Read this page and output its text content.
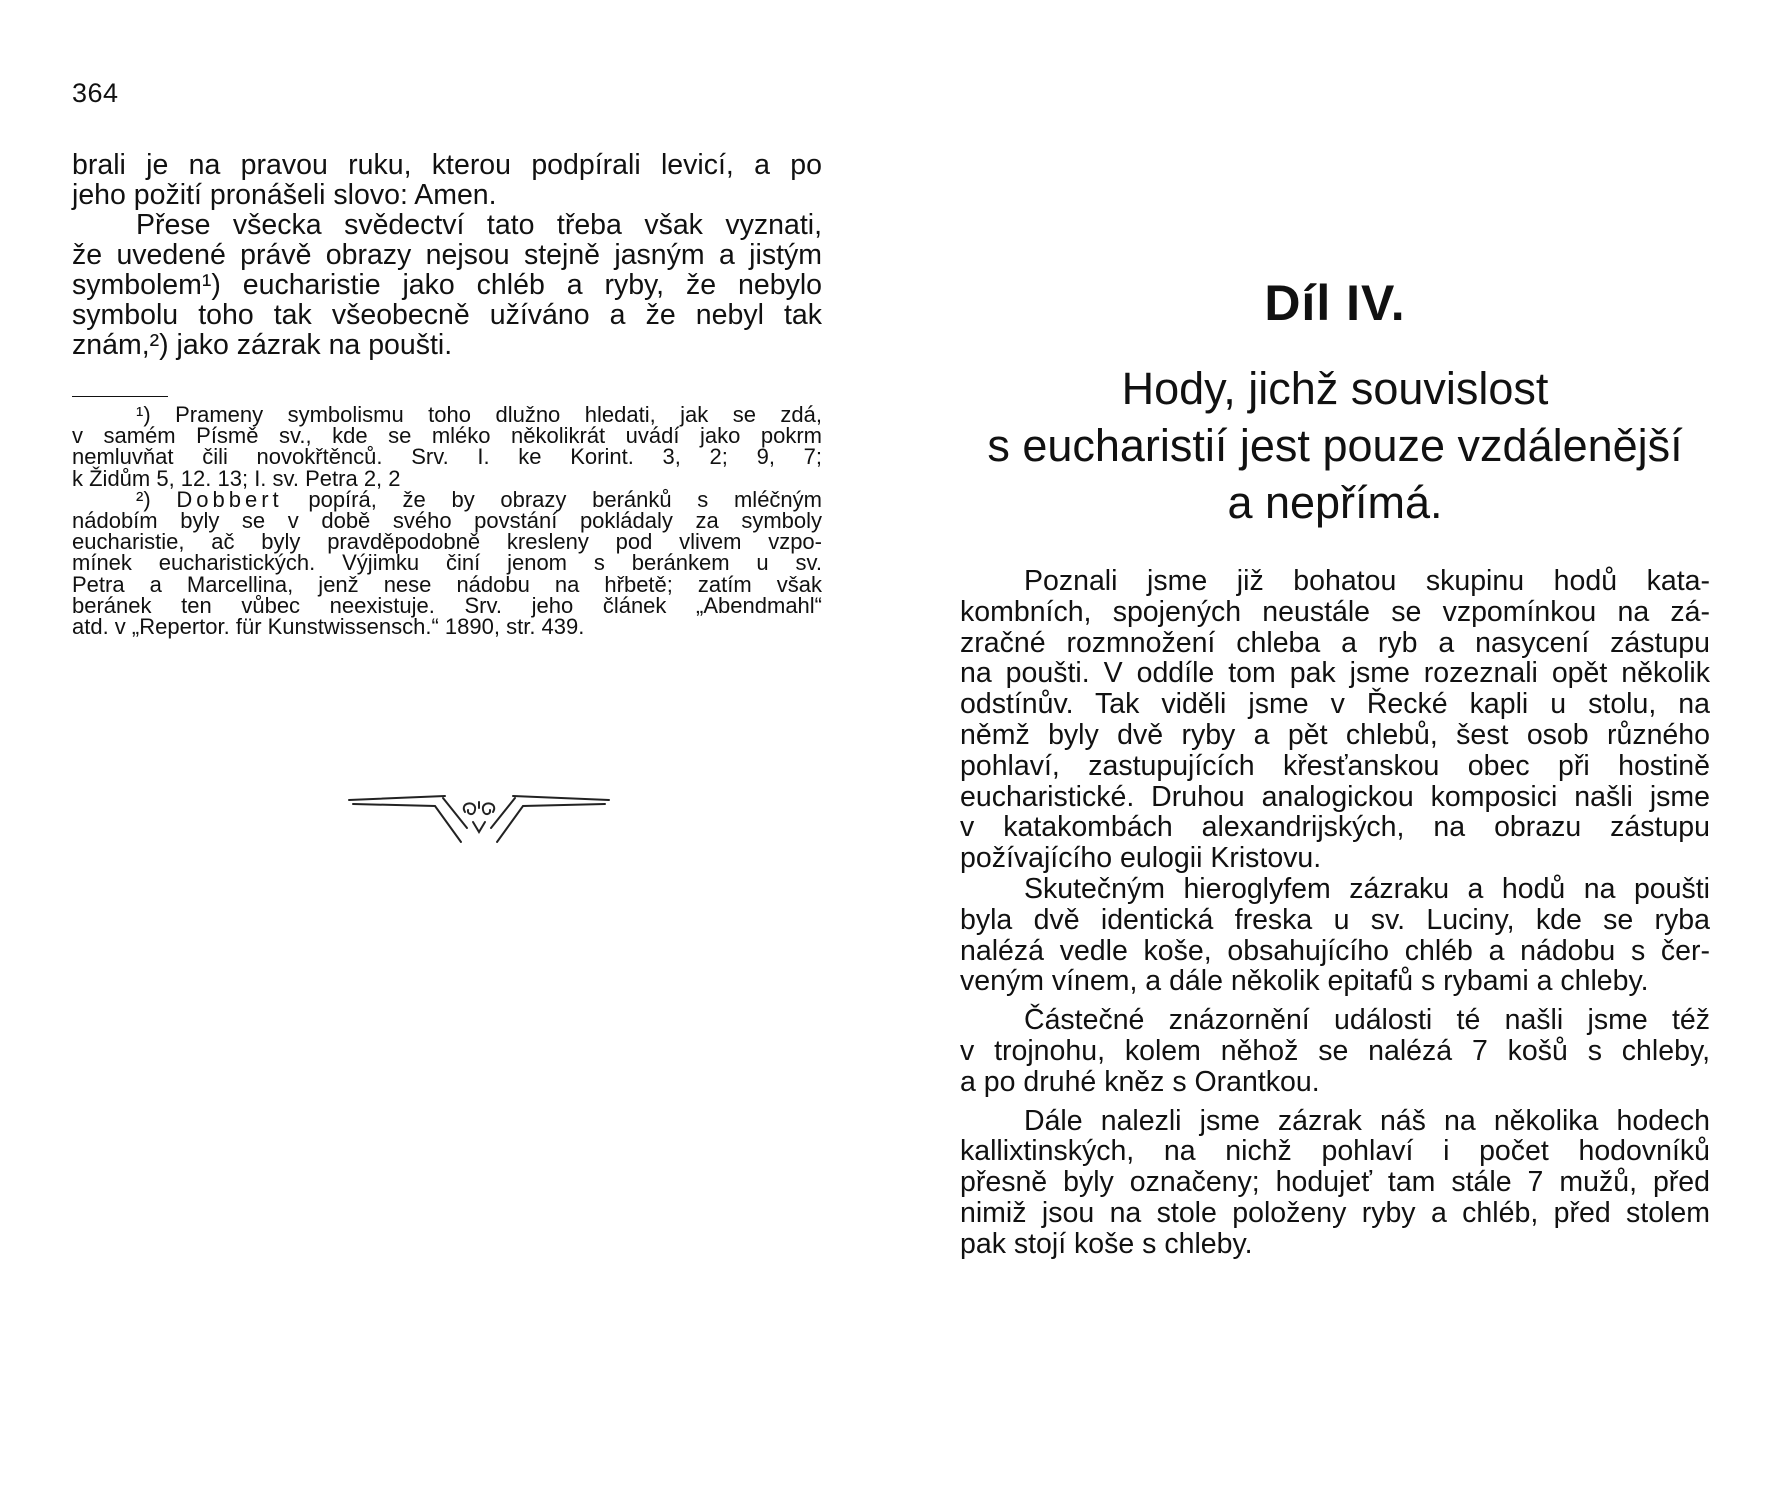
364

brali je na pravou ruku, kterou podpírali levicí, a po
jeho požití pronášeli slovo: Amen.

Přese všecka svědectví tato třeba však vyznati,
že uvedené právě obrazy nejsou stejně jasným a jistým
symbolem¹) eucharistie jako chléb a ryby, že nebylo
symbolu toho tak všeobecně užíváno a že nebyl tak
znám,²) jako zázrak na poušti.

¹) Prameny symbolismu toho dlužno hledati, jak se zdá,
v samém Písmě sv., kde se mléko několikrát uvádí jako pokrm
nemluvňat čili novokřtěnců. Srv. I. ke Korint. 3, 2; 9, 7;
k Židům 5, 12. 13; I. sv. Petra 2, 2

²) Dobbert popírá, že by obrazy beránků s mléčným
nádobím byly se v době svého povstání pokládaly za symboly
eucharistie, ač byly pravděpodobně kresleny pod vlivem vzpo-
mínek eucharistických. Výjimku činí jenom s beránkem u sv.
Petra a Marcellina, jenž nese nádobu na hřbetě; zatím však
beránek ten vůbec neexistuje. Srv. jeho článek „Abendmahl“
atd. v „Repertor. für Kunstwissensch.“ 1890, str. 439.

Díl IV.
Hody, jichž souvislost
s eucharistií jest pouze vzdálenější
a nepřímá.

Poznali jsme již bohatou skupinu hodů kata-
kombních, spojených neustále se vzpomínkou na zá-
zračné rozmnožení chleba a ryb a nasycení zástupu
na poušti. V oddíle tom pak jsme rozeznali opět několik
odstínův. Tak viděli jsme v Řecké kapli u stolu, na
němž byly dvě ryby a pět chlebů, šest osob různého
pohlaví, zastupujících křesťanskou obec při hostině
eucharistické. Druhou analogickou komposici našli jsme
v katakombách alexandrijských, na obrazu zástupu
požívajícího eulogii Kristovu.

Skutečným hieroglyfem zázraku a hodů na poušti
byla dvě identická freska u sv. Luciny, kde se ryba
nalézá vedle koše, obsahujícího chléb a nádobu s čer-
veným vínem, a dále několik epitafů s rybami a chleby.

Částečné znázornění události té našli jsme též
v trojnohu, kolem něhož se nalézá 7 košů s chleby,
a po druhé kněz s Orantkou.

Dále nalezli jsme zázrak náš na několika hodech
kallixtinských, na nichž pohlaví i počet hodovníků
přesně byly označeny; hodujeť tam stále 7 mužů, před
nimiž jsou na stole položeny ryby a chléb, před stolem
pak stojí koše s chleby.
